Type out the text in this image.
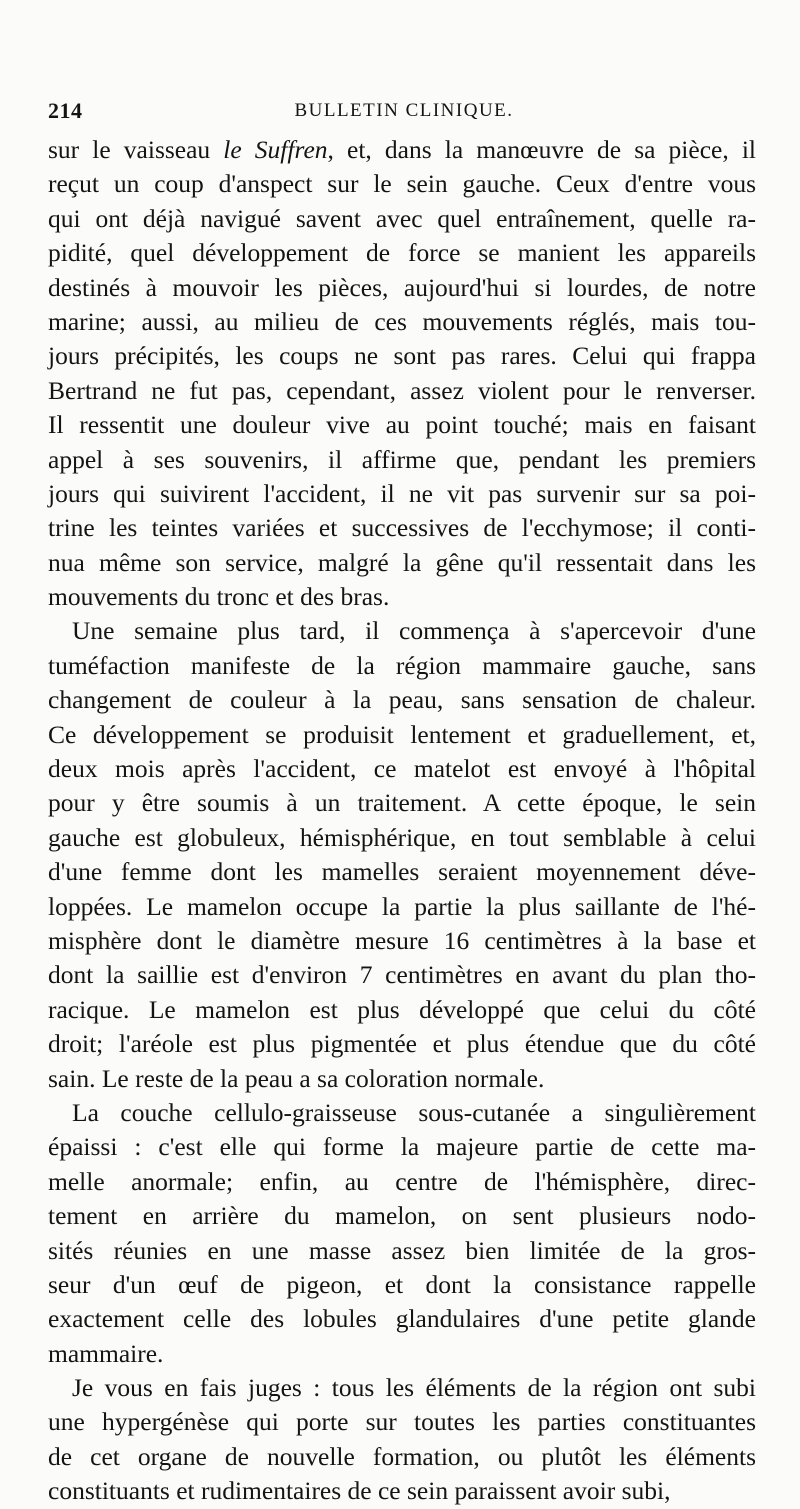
214	BULLETIN CLINIQUE.
sur le vaisseau le Suffren, et, dans la manœuvre de sa pièce, il
reçut un coup d'anspect sur le sein gauche. Ceux d'entre vous
qui ont déjà navigué savent avec quel entraînement, quelle ra-
pidité, quel développement de force se manient les appareils
destinés à mouvoir les pièces, aujourd'hui si lourdes, de notre
marine; aussi, au milieu de ces mouvements réglés, mais tou-
jours précipités, les coups ne sont pas rares. Celui qui frappa
Bertrand ne fut pas, cependant, assez violent pour le renverser.
Il ressentit une douleur vive au point touché; mais en faisant
appel à ses souvenirs, il affirme que, pendant les premiers
jours qui suivirent l'accident, il ne vit pas survenir sur sa poi-
trine les teintes variées et successives de l'ecchymose; il conti-
nua même son service, malgré la gêne qu'il ressentait dans les
mouvements du tronc et des bras.
Une semaine plus tard, il commença à s'apercevoir d'une
tuméfaction manifeste de la région mammaire gauche, sans
changement de couleur à la peau, sans sensation de chaleur.
Ce développement se produisit lentement et graduellement, et,
deux mois après l'accident, ce matelot est envoyé à l'hôpital
pour y être soumis à un traitement. A cette époque, le sein
gauche est globuleux, hémisphérique, en tout semblable à celui
d'une femme dont les mamelles seraient moyennement déve-
loppées. Le mamelon occupe la partie la plus saillante de l'hé-
misphère dont le diamètre mesure 16 centimètres à la base et
dont la saillie est d'environ 7 centimètres en avant du plan tho-
racique. Le mamelon est plus développé que celui du côté
droit; l'aréole est plus pigmentée et plus étendue que du côté
sain. Le reste de la peau a sa coloration normale.
La couche cellulo-graisseuse sous-cutanée a singulièrement
épaissi : c'est elle qui forme la majeure partie de cette ma-
melle anormale; enfin, au centre de l'hémisphère, direc-
tement en arrière du mamelon, on sent plusieurs nodo-
sités réunies en une masse assez bien limitée de la gros-
seur d'un œuf de pigeon, et dont la consistance rappelle
exactement celle des lobules glandulaires d'une petite glande
mammaire.
Je vous en fais juges : tous les éléments de la région ont subi
une hypergénèse qui porte sur toutes les parties constituantes
de cet organe de nouvelle formation, ou plutôt les éléments
constituants et rudimentaires de ce sein paraissent avoir subi,
